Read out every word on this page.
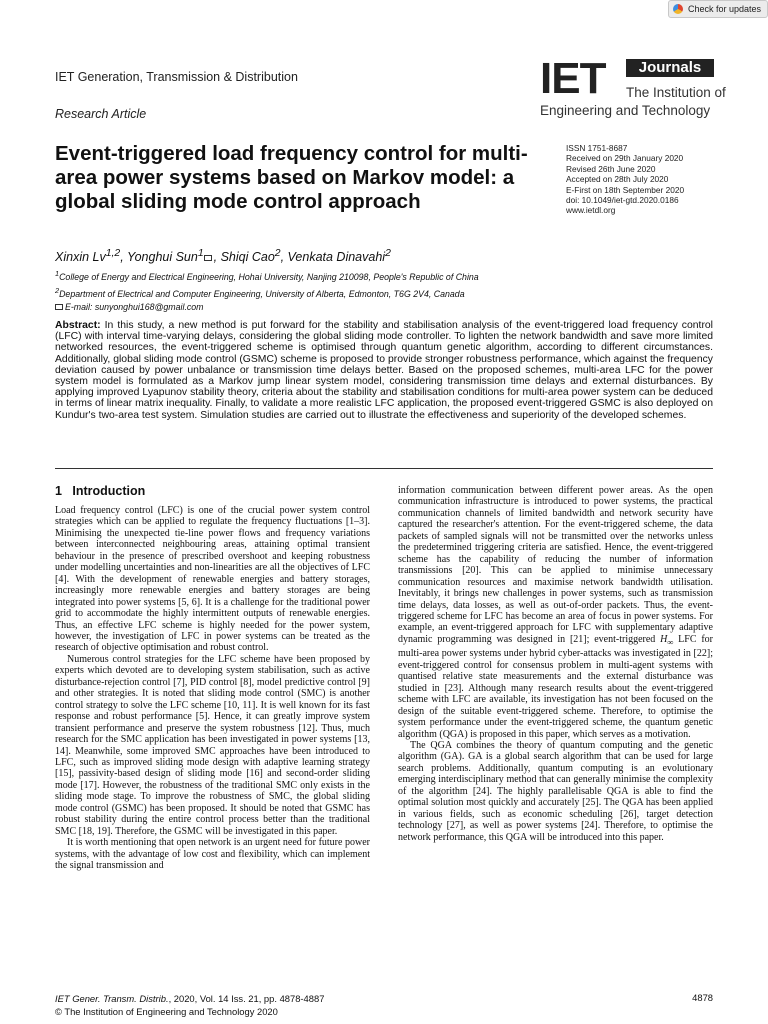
Check for updates
IET Generation, Transmission & Distribution
Research Article
IET	Journals
The Institution of
Engineering and Technology
Event-triggered load frequency control for multi-area power systems based on Markov model: a global sliding mode control approach
ISSN 1751-8687
Received on 29th January 2020
Revised 26th June 2020
Accepted on 28th July 2020
E-First on 18th September 2020
doi: 10.1049/iet-gtd.2020.0186
www.ietdl.org
Xinxin Lv$^{1,2}$, Yonghui Sun$^1$ , Shiqi Cao$^2$, Venkata Dinavahi$^2$
$^1$College of Energy and Electrical Engineering, Hohai University, Nanjing 210098, People's Republic of China
$^2$Department of Electrical and Computer Engineering, University of Alberta, Edmonton, T6G 2V4, Canada
E-mail: sunyonghui168@gmail.com
Abstract: In this study, a new method is put forward for the stability and stabilisation analysis of the event-triggered load frequency control (LFC) with interval time-varying delays, considering the global sliding mode controller. To lighten the network bandwidth and save more limited networked resources, the event-triggered scheme is optimised through quantum genetic algorithm, according to different circumstances. Additionally, global sliding mode control (GSMC) scheme is proposed to provide stronger robustness performance, which against the frequency deviation caused by power unbalance or transmission time delays better. Based on the proposed schemes, multi-area LFC for the power system model is formulated as a Markov jump linear system model, considering transmission time delays and external disturbances. By applying improved Lyapunov stability theory, criteria about the stability and stabilisation conditions for multi-area power system can be deduced in terms of linear matrix inequality. Finally, to validate a more realistic LFC application, the proposed event-triggered GSMC is also deployed on Kundur's two-area test system. Simulation studies are carried out to illustrate the effectiveness and superiority of the developed schemes.
1 Introduction

Load frequency control (LFC) is one of the crucial power system control strategies which can be applied to regulate the frequency fluctuations [1–3]. Minimising the unexpected tie-line power flows and frequency variations between interconnected neighbouring areas, attaining optimal transient behaviour in the presence of prescribed overshoot and keeping robustness under modelling uncertainties and non-linearities are all the objectives of LFC [4]. With the development of renewable energies and battery storages, increasingly more renewable energies and battery storages are being integrated into power systems [5, 6]. It is a challenge for the traditional power grid to accommodate the highly intermittent outputs of renewable energies. Thus, an effective LFC scheme is highly needed for the power system, however, the investigation of LFC in power systems can be treated as the research of objective optimisation and robust control.

Numerous control strategies for the LFC scheme have been proposed by experts which devoted are to developing system stabilisation, such as active disturbance-rejection control [7], PID control [8], model predictive control [9] and other strategies. It is noted that sliding mode control (SMC) is another control strategy to solve the LFC scheme [10, 11]. It is well known for its fast response and robust performance [5]. Hence, it can greatly improve system transient performance and preserve the system robustness [12]. Thus, much research for the SMC application has been investigated in power systems [13, 14]. Meanwhile, some improved SMC approaches have been introduced to LFC, such as improved sliding mode design with adaptive learning strategy [15], passivity-based design of sliding mode [16] and second-order sliding mode [17]. However, the robustness of the traditional SMC only exists in the sliding mode stage. To improve the robustness of SMC, the global sliding mode control (GSMC) has been proposed. It should be noted that GSMC has robust stability during the entire control process better than the traditional SMC [18, 19]. Therefore, the GSMC will be investigated in this paper.

It is worth mentioning that open network is an urgent need for future power systems, with the advantage of low cost and flexibility, which can implement the signal transmission and

information communication between different power areas. As the open communication infrastructure is introduced to power systems, the practical communication channels of limited bandwidth and network security have captured the researcher's attention. For the event-triggered scheme, the data packets of sampled signals will not be transmitted over the networks unless the predetermined triggering criteria are satisfied. Hence, the event-triggered scheme has the capability of reducing the number of information transmissions [20]. This can be applied to minimise unnecessary communication resources and maximise network bandwidth utilisation. Inevitably, it brings new challenges in power systems, such as transmission time delays, data losses, as well as out-of-order packets. Thus, the event-triggered scheme for LFC has become an area of focus in power systems. For example, an event-triggered approach for LFC with supplementary adaptive dynamic programming was designed in [21]; event-triggered $H_\infty$ LFC for multi-area power systems under hybrid cyber-attacks was investigated in [22]; event-triggered control for consensus problem in multi-agent systems with quantised relative state measurements and the external disturbance was studied in [23]. Although many research results about the event-triggered scheme with LFC are available, its investigation has not been focused on the design of the suitable event-triggered scheme. Therefore, to optimise the system performance under the event-triggered scheme, the quantum genetic algorithm (QGA) is proposed in this paper, which serves as a motivation.

The QGA combines the theory of quantum computing and the genetic algorithm (GA). GA is a global search algorithm that can be used for large search problems. Additionally, quantum computing is an evolutionary emerging interdisciplinary method that can generally minimise the complexity of the algorithm [24]. The highly parallelisable QGA is able to find the optimal solution most quickly and accurately [25]. The QGA has been applied in various fields, such as economic scheduling [26], target detection technology [27], as well as power systems [24]. Therefore, to optimise the network performance, this QGA will be introduced into this paper.

IET Gener. Transm. Distrib., 2020, Vol. 14 Iss. 21, pp. 4878-4887
© The Institution of Engineering and Technology 2020
4878
